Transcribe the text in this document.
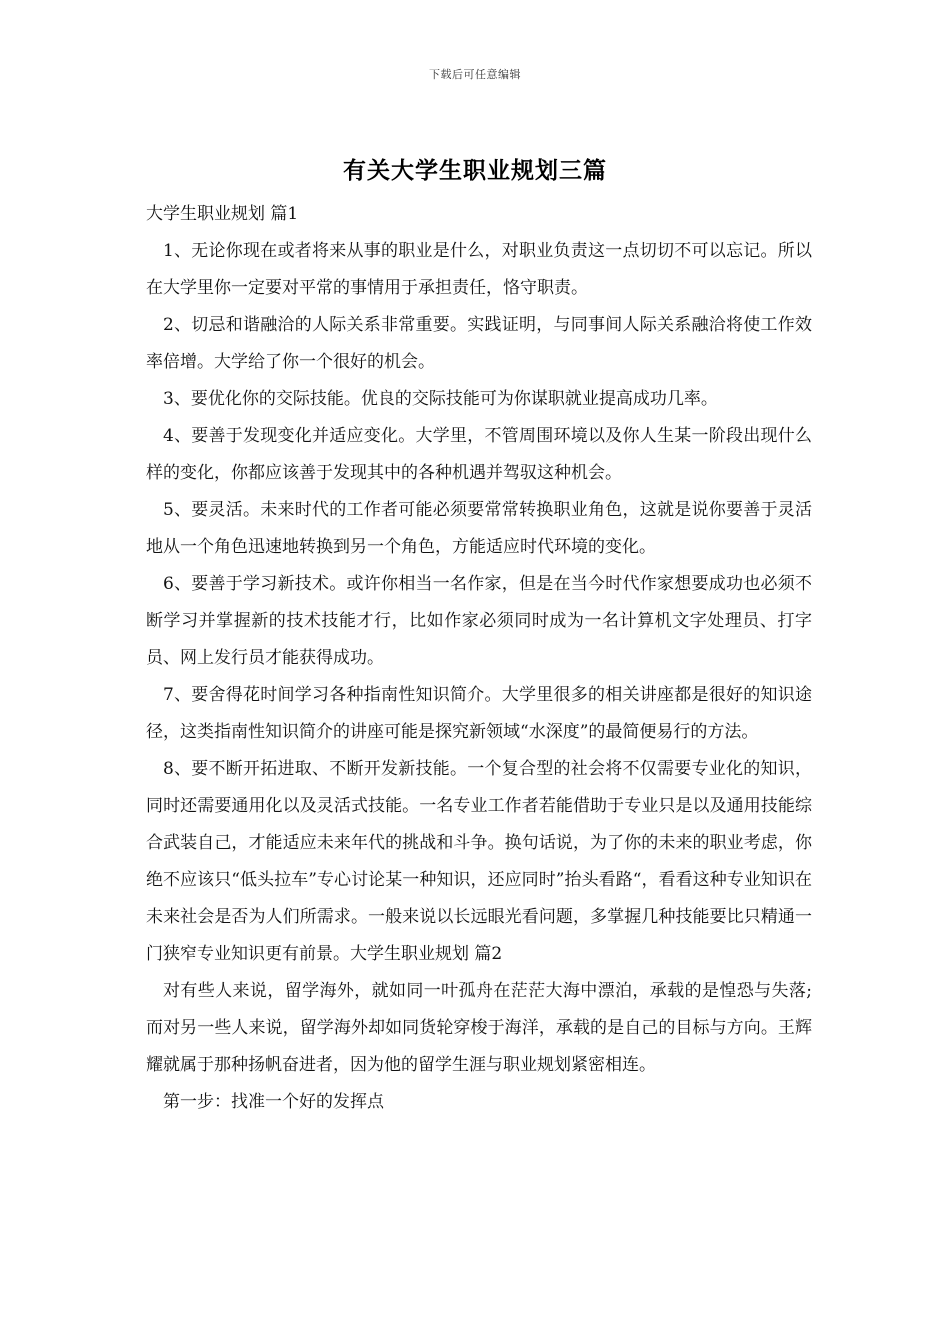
下载后可任意编辑
有关大学生职业规划三篇

大学生职业规划 篇1

1、无论你现在或者将来从事的职业是什么，对职业负责这一点切切不可以忘记。所以在大学里你一定要对平常的事情用于承担责任，恪守职责。

2、切忌和谐融洽的人际关系非常重要。实践证明，与同事间人际关系融洽将使工作效率倍增。大学给了你一个很好的机会。

3、要优化你的交际技能。优良的交际技能可为你谋职就业提高成功几率。

4、要善于发现变化并适应变化。大学里，不管周围环境以及你人生某一阶段出现什么样的变化，你都应该善于发现其中的各种机遇并驾驭这种机会。

5、要灵活。未来时代的工作者可能必须要常常转换职业角色，这就是说你要善于灵活地从一个角色迅速地转换到另一个角色，方能适应时代环境的变化。

6、要善于学习新技术。或许你相当一名作家，但是在当今时代作家想要成功也必须不断学习并掌握新的技术技能才行，比如作家必须同时成为一名计算机文字处理员、打字员、网上发行员才能获得成功。

7、要舍得花时间学习各种指南性知识简介。大学里很多的相关讲座都是很好的知识途径，这类指南性知识简介的讲座可能是探究新领域“水深度”的最简便易行的方法。

8、要不断开拓进取、不断开发新技能。一个复合型的社会将不仅需要专业化的知识，同时还需要通用化以及灵活式技能。一名专业工作者若能借助于专业只是以及通用技能综合武装自己，才能适应未来年代的挑战和斗争。换句话说，为了你的未来的职业考虑，你绝不应该只“低头拉车”专心讨论某一种知识，还应同时”抬头看路“，看看这种专业知识在未来社会是否为人们所需求。一般来说以长远眼光看问题，多掌握几种技能要比只精通一门狭窄专业知识更有前景。大学生职业规划 篇2

对有些人来说，留学海外，就如同一叶孤舟在茫茫大海中漂泊，承载的是惶恐与失落;而对另一些人来说，留学海外却如同货轮穿梭于海洋，承载的是自己的目标与方向。王辉耀就属于那种扬帆奋进者，因为他的留学生涯与职业规划紧密相连。

第一步：找准一个好的发挥点
